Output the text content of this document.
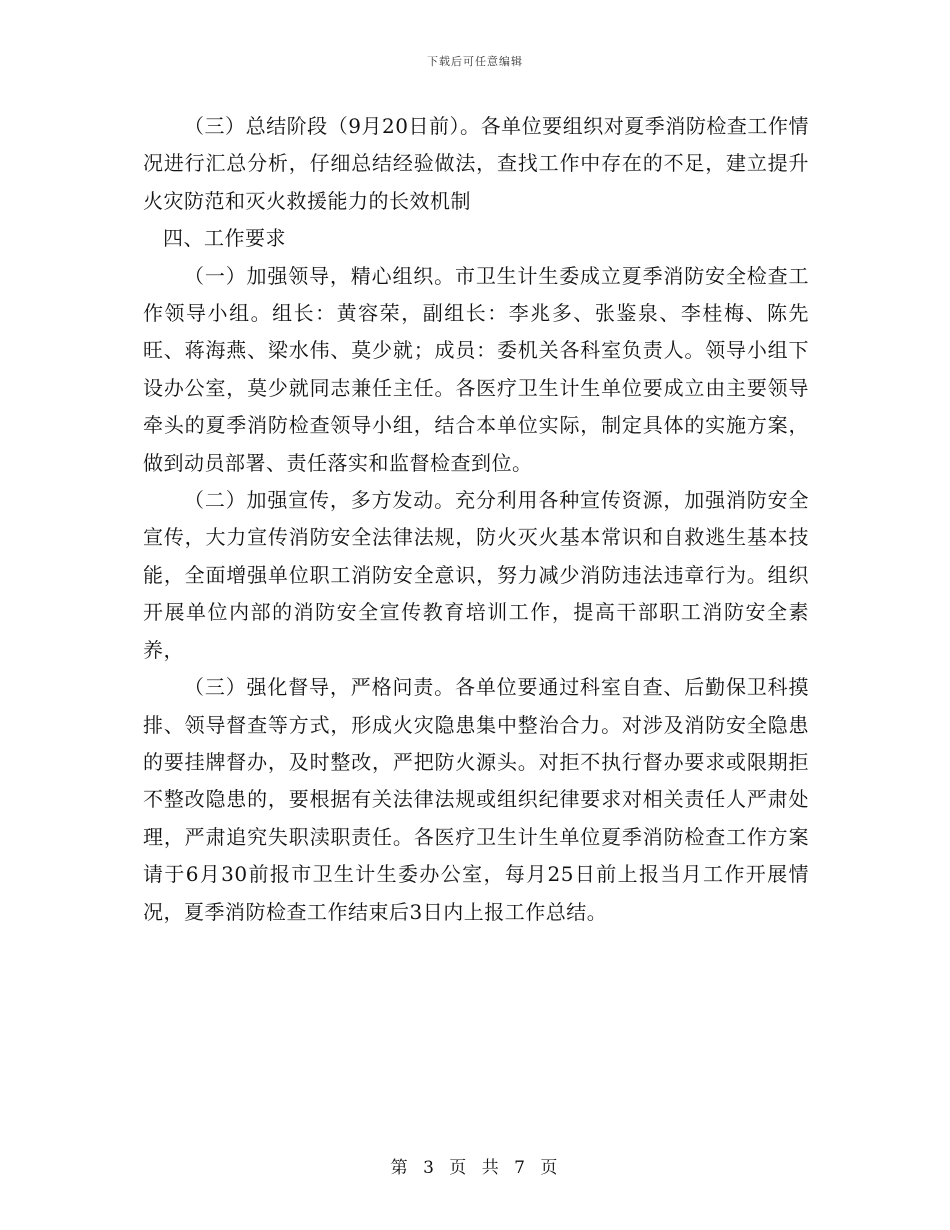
下载后可任意编辑

（三）总结阶段（9月20日前）。各单位要组织对夏季消防检查工作情况进行汇总分析，仔细总结经验做法，查找工作中存在的不足，建立提升火灾防范和灭火救援能力的长效机制

四、工作要求

（一）加强领导，精心组织。市卫生计生委成立夏季消防安全检查工作领导小组。组长：黄容荣，副组长：李兆多、张鉴泉、李桂梅、陈先旺、蒋海燕、梁水伟、莫少就；成员：委机关各科室负责人。领导小组下设办公室，莫少就同志兼任主任。各医疗卫生计生单位要成立由主要领导牵头的夏季消防检查领导小组，结合本单位实际，制定具体的实施方案，做到动员部署、责任落实和监督检查到位。

（二）加强宣传，多方发动。充分利用各种宣传资源，加强消防安全宣传，大力宣传消防安全法律法规，防火灭火基本常识和自救逃生基本技能，全面增强单位职工消防安全意识，努力减少消防违法违章行为。组织开展单位内部的消防安全宣传教育培训工作，提高干部职工消防安全素养，

（三）强化督导，严格问责。各单位要通过科室自查、后勤保卫科摸排、领导督查等方式，形成火灾隐患集中整治合力。对涉及消防安全隐患的要挂牌督办，及时整改，严把防火源头。对拒不执行督办要求或限期拒不整改隐患的，要根据有关法律法规或组织纪律要求对相关责任人严肃处理，严肃追究失职渎职责任。各医疗卫生计生单位夏季消防检查工作方案请于6月30前报市卫生计生委办公室，每月25日前上报当月工作开展情况，夏季消防检查工作结束后3日内上报工作总结。

第 3 页 共 7 页
